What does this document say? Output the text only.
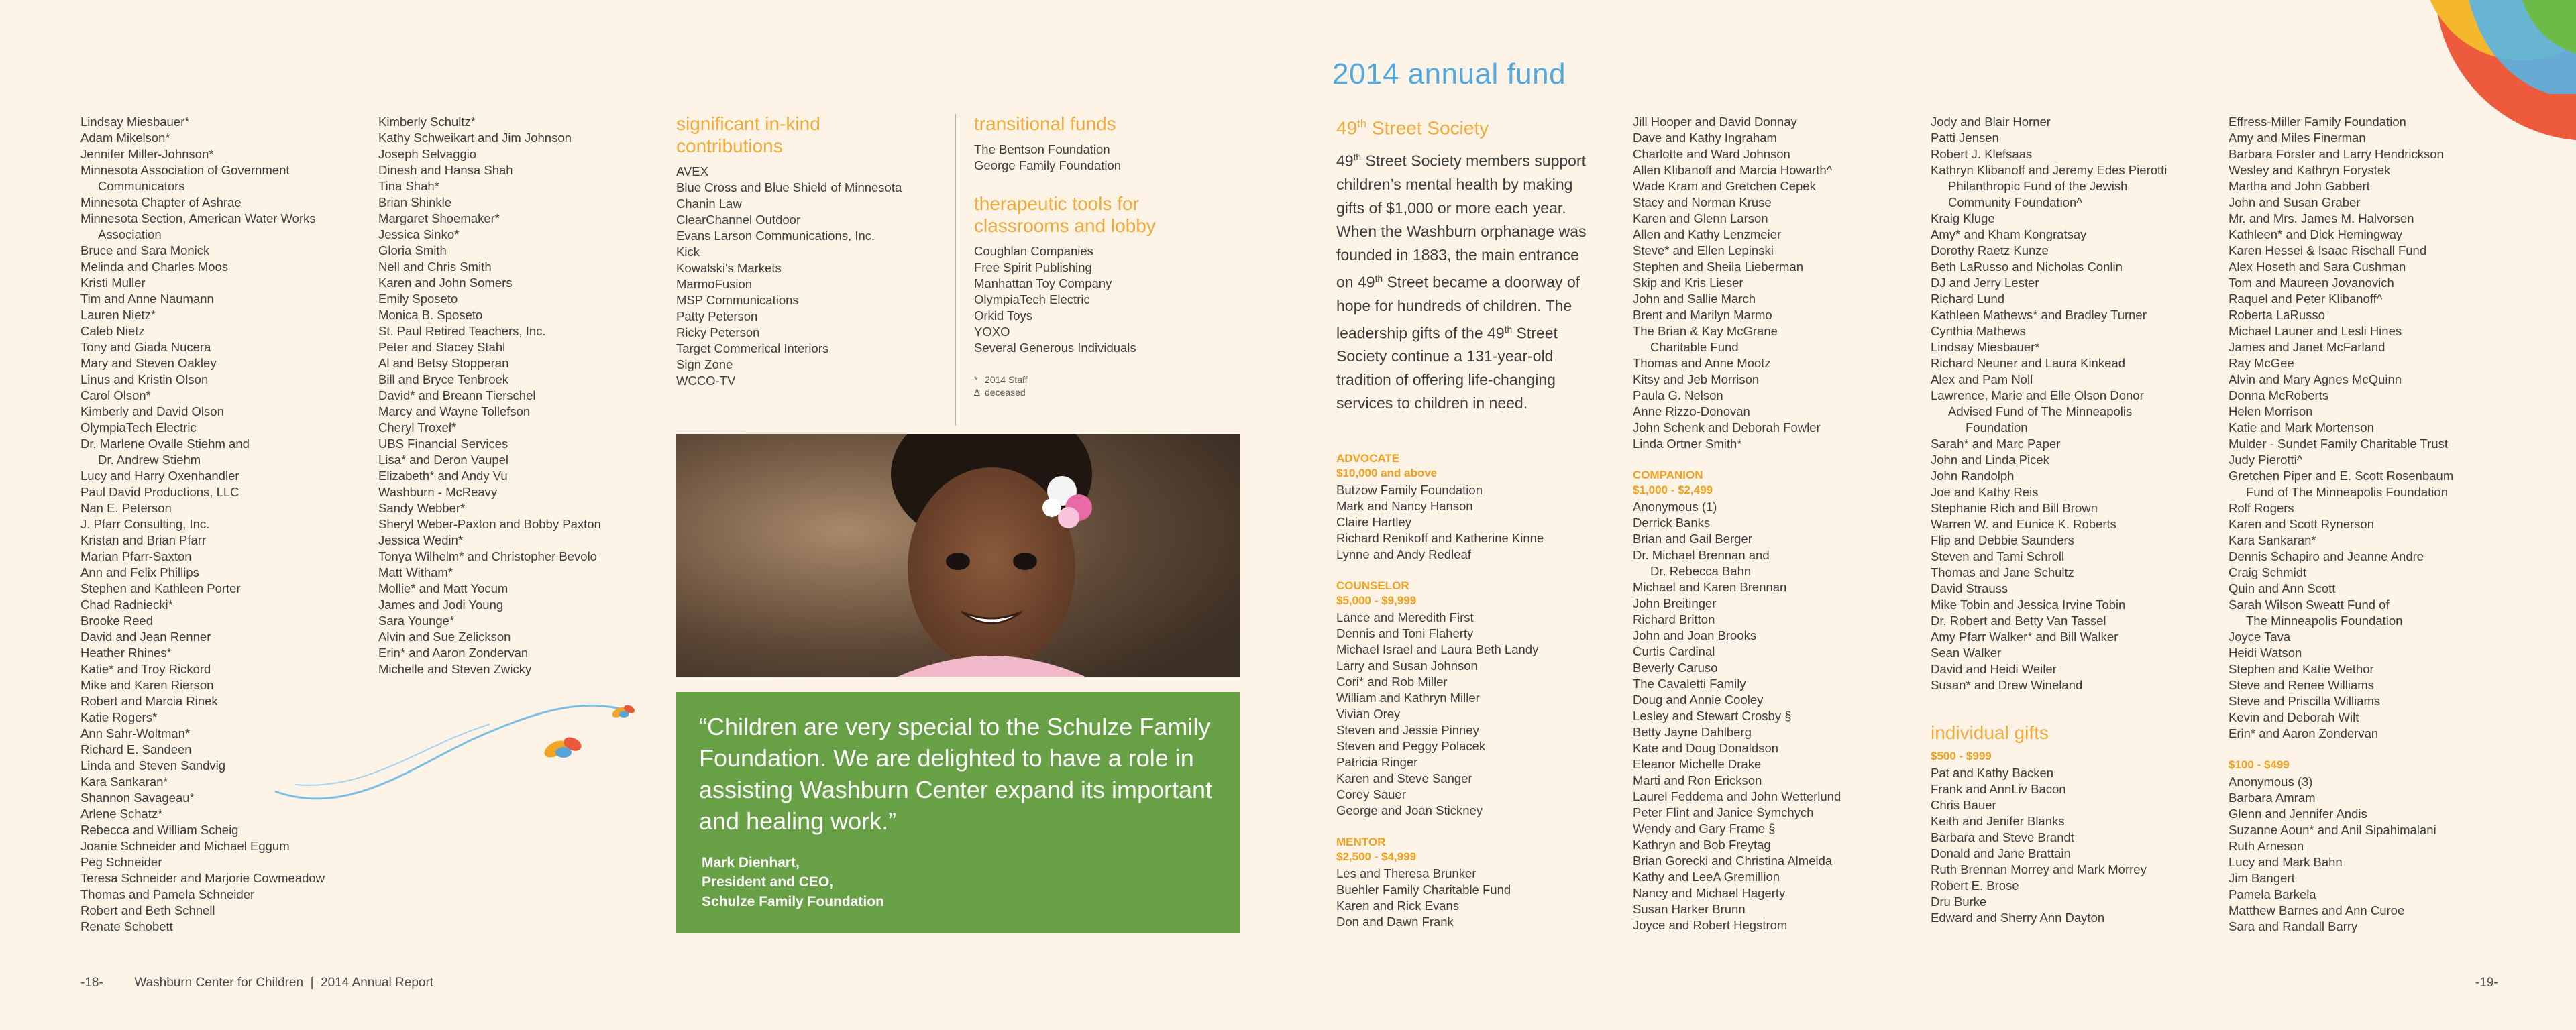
Lindsay Miesbauer*
Adam Mikelson*
Jennifer Miller-Johnson*
Minnesota Association of Government
Communicators
Minnesota Chapter of Ashrae
Minnesota Section, American Water Works
Association
Bruce and Sara Monick
Melinda and Charles Moos
Kristi Muller
Tim and Anne Naumann
Lauren Nietz*
Caleb Nietz
Tony and Giada Nucera
Mary and Steven Oakley
Linus and Kristin Olson
Carol Olson*
Kimberly and David Olson
OlympiaTech Electric
Dr. Marlene Ovalle Stiehm and
Dr. Andrew Stiehm
Lucy and Harry Oxenhandler
Paul David Productions, LLC
Nan E. Peterson
J. Pfarr Consulting, Inc.
Kristan and Brian Pfarr
Marian Pfarr-Saxton
Ann and Felix Phillips
Stephen and Kathleen Porter
Chad Radniecki*
Brooke Reed
David and Jean Renner
Heather Rhines*
Katie* and Troy Rickord
Mike and Karen Rierson
Robert and Marcia Rinek
Katie Rogers*
Ann Sahr-Woltman*
Richard E. Sandeen
Linda and Steven Sandvig
Kara Sankaran*
Shannon Savageau*
Arlene Schatz*
Rebecca and William Scheig
Joanie Schneider and Michael Eggum
Peg Schneider
Teresa Schneider and Marjorie Cowmeadow
Thomas and Pamela Schneider
Robert and Beth Schnell
Renate Schobett
Kimberly Schultz*
Kathy Schweikart and Jim Johnson
Joseph Selvaggio
Dinesh and Hansa Shah
Tina Shah*
Brian Shinkle
Margaret Shoemaker*
Jessica Sinko*
Gloria Smith
Nell and Chris Smith
Karen and John Somers
Emily Sposeto
Monica B. Sposeto
St. Paul Retired Teachers, Inc.
Peter and Stacey Stahl
Al and Betsy Stopperan
Bill and Bryce Tenbroek
David* and Breann Tierschel
Marcy and Wayne Tollefson
Cheryl Troxel*
UBS Financial Services
Lisa* and Deron Vaupel
Elizabeth* and Andy Vu
Washburn - McReavy
Sandy Webber*
Sheryl Weber-Paxton and Bobby Paxton
Jessica Wedin*
Tonya Wilhelm* and Christopher Bevolo
Matt Witham*
Mollie* and Matt Yocum
James and Jodi Young
Sara Younge*
Alvin and Sue Zelickson
Erin* and Aaron Zondervan
Michelle and Steven Zwicky
significant in-kind contributions
AVEX
Blue Cross and Blue Shield of Minnesota
Chanin Law
ClearChannel Outdoor
Evans Larson Communications, Inc.
Kick
Kowalski's Markets
MarmoFusion
MSP Communications
Patty Peterson
Ricky Peterson
Target Commerical Interiors
Sign Zone
WCCO-TV
transitional funds
The Bentson Foundation
George Family Foundation
therapeutic tools for classrooms and lobby
Coughlan Companies
Free Spirit Publishing
Manhattan Toy Company
OlympiaTech Electric
Orkid Toys
YOXO
Several Generous Individuals
* 2014 Staff
∆ deceased
“Children are very special to the Schulze Family Foundation. We are delighted to have a role in assisting Washburn Center expand its important and healing work.”
Mark Dienhart,
President and CEO,
Schulze Family Foundation
-18- Washburn Center for Children  |  2014 Annual Report
2014 annual fund
49th Street Society

49th Street Society members support children’s mental health by making gifts of $1,000 or more each year. When the Washburn orphanage was founded in 1883, the main entrance on 49th Street became a doorway of hope for hundreds of children. The leadership gifts of the 49th Street Society continue a 131-year-old tradition of offering life-changing services to children in need.

ADVOCATE
$10,000 and above
Butzow Family Foundation
Mark and Nancy Hanson
Claire Hartley
Richard Renikoff and Katherine Kinne
Lynne and Andy Redleaf
COUNSELOR
$5,000 - $9,999
Lance and Meredith First
Dennis and Toni Flaherty
Michael Israel and Laura Beth Landy
Larry and Susan Johnson
Cori* and Rob Miller
William and Kathryn Miller
Vivian Orey
Steven and Jessie Pinney
Steven and Peggy Polacek
Patricia Ringer
Karen and Steve Sanger
Corey Sauer
George and Joan Stickney
MENTOR
$2,500 - $4,999
Les and Theresa Brunker
Buehler Family Charitable Fund
Karen and Rick Evans
Don and Dawn Frank
Jill Hooper and David Donnay
Dave and Kathy Ingraham
Charlotte and Ward Johnson
Allen Klibanoff and Marcia Howarth^
Wade Kram and Gretchen Cepek
Stacy and Norman Kruse
Karen and Glenn Larson
Allen and Kathy Lenzmeier
Steve* and Ellen Lepinski
Stephen and Sheila Lieberman
Skip and Kris Lieser
John and Sallie March
Brent and Marilyn Marmo
The Brian & Kay McGrane
Charitable Fund
Thomas and Anne Mootz
Kitsy and Jeb Morrison
Paula G. Nelson
Anne Rizzo-Donovan
John Schenk and Deborah Fowler
Linda Ortner Smith*
COMPANION
$1,000 - $2,499
Anonymous (1)
Derrick Banks
Brian and Gail Berger
Dr. Michael Brennan and
Dr. Rebecca Bahn
Michael and Karen Brennan
John Breitinger
Richard Britton
John and Joan Brooks
Curtis Cardinal
Beverly Caruso
The Cavaletti Family
Doug and Annie Cooley
Lesley and Stewart Crosby §
Betty Jayne Dahlberg
Kate and Doug Donaldson
Eleanor Michelle Drake
Marti and Ron Erickson
Laurel Feddema and John Wetterlund
Peter Flint and Janice Symchych
Wendy and Gary Frame §
Kathryn and Bob Freytag
Brian Gorecki and Christina Almeida
Kathy and LeeA Gremillion
Nancy and Michael Hagerty
Susan Harker Brunn
Joyce and Robert Hegstrom
Jody and Blair Horner
Patti Jensen
Robert J. Klefsaas
Kathryn Klibanoff and Jeremy Edes Pierotti
Philanthropic Fund of the Jewish
Community Foundation^
Kraig Kluge
Amy* and Kham Kongratsay
Dorothy Raetz Kunze
Beth LaRusso and Nicholas Conlin
DJ and Jerry Lester
Richard Lund
Kathleen Mathews* and Bradley Turner
Cynthia Mathews
Lindsay Miesbauer*
Richard Neuner and Laura Kinkead
Alex and Pam Noll
Lawrence, Marie and Elle Olson Donor
Advised Fund of The Minneapolis
Foundation
Sarah* and Marc Paper
John and Linda Picek
John Randolph
Joe and Kathy Reis
Stephanie Rich and Bill Brown
Warren W. and Eunice K. Roberts
Flip and Debbie Saunders
Steven and Tami Schroll
Thomas and Jane Schultz
David Strauss
Mike Tobin and Jessica Irvine Tobin
Dr. Robert and Betty Van Tassel
Amy Pfarr Walker* and Bill Walker
Sean Walker
David and Heidi Weiler
Susan* and Drew Wineland
individual gifts
$500 - $999
Pat and Kathy Backen
Frank and AnnLiv Bacon
Chris Bauer
Keith and Jenifer Blanks
Barbara and Steve Brandt
Donald and Jane Brattain
Ruth Brennan Morrey and Mark Morrey
Robert E. Brose
Dru Burke
Edward and Sherry Ann Dayton
Effress-Miller Family Foundation
Amy and Miles Finerman
Barbara Forster and Larry Hendrickson
Wesley and Kathryn Forystek
Martha and John Gabbert
John and Susan Graber
Mr. and Mrs. James M. Halvorsen
Kathleen* and Dick Hemingway
Karen Hessel & Isaac Rischall Fund
Alex Hoseth and Sara Cushman
Tom and Maureen Jovanovich
Raquel and Peter Klibanoff^
Roberta LaRusso
Michael Launer and Lesli Hines
James and Janet McFarland
Ray McGee
Alvin and Mary Agnes McQuinn
Donna McRoberts
Helen Morrison
Katie and Mark Mortenson
Mulder - Sundet Family Charitable Trust
Judy Pierotti^
Gretchen Piper and E. Scott Rosenbaum
Fund of The Minneapolis Foundation
Rolf Rogers
Karen and Scott Rynerson
Kara Sankaran*
Dennis Schapiro and Jeanne Andre
Craig Schmidt
Quin and Ann Scott
Sarah Wilson Sweatt Fund of
The Minneapolis Foundation
Joyce Tava
Heidi Watson
Stephen and Katie Wethor
Steve and Renee Williams
Steve and Priscilla Williams
Kevin and Deborah Wilt
Erin* and Aaron Zondervan
$100 - $499
Anonymous (3)
Barbara Amram
Glenn and Jennifer Andis
Suzanne Aoun* and Anil Sipahimalani
Ruth Arneson
Lucy and Mark Bahn
Jim Bangert
Pamela Barkela
Matthew Barnes and Ann Curoe
Sara and Randall Barry
-19-
